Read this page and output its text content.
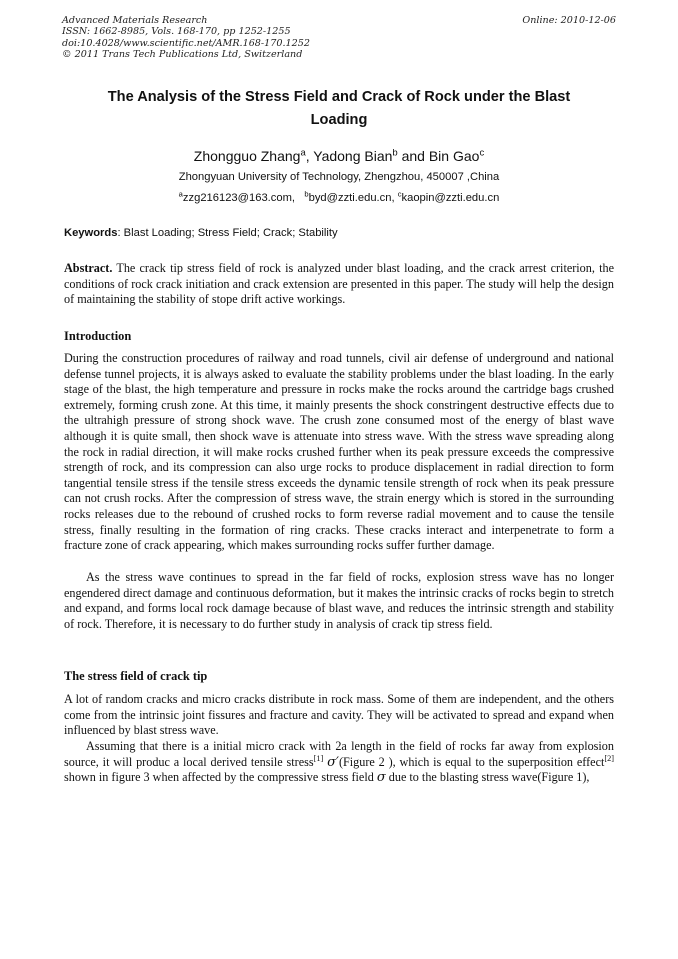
Advanced Materials Research
ISSN: 1662-8985, Vols. 168-170, pp 1252-1255
doi:10.4028/www.scientific.net/AMR.168-170.1252
© 2011 Trans Tech Publications Ltd, Switzerland
Online: 2010-12-06
The Analysis of the Stress Field and Crack of Rock under the Blast
Loading
Zhongguo Zhang$^a$, Yadong Bian$^b$ and Bin Gao$^c$
Zhongyuan University of Technology, Zhengzhou, 450007 ,China
$^a$zzg216123@163.com, $^b$byd@zzti.edu.cn, $^c$kaopin@zzti.edu.cn
Keywords: Blast Loading; Stress Field; Crack; Stability

Abstract. The crack tip stress field of rock is analyzed under blast loading, and the crack arrest criterion, the conditions of rock crack initiation and crack extension are presented in this paper. The study will help the design of maintaining the stability of stope drift active workings.

Introduction

During the construction procedures of railway and road tunnels, civil air defense of underground and national defense tunnel projects, it is always asked to evaluate the stability problems under the blast loading. In the early stage of the blast, the high temperature and pressure in rocks make the rocks around the cartridge bags crushed extremely, forming crush zone. At this time, it mainly presents the shock constringent destructive effects due to the ultrahigh pressure of strong shock wave. The crush zone consumed most of the energy of blast wave although it is quite small, then shock wave is attenuate into stress wave. With the stress wave spreading along the rock in radial direction, it will make rocks crushed further when its peak pressure exceeds the compressive strength of rock, and its compression can also urge rocks to produce displacement in radial direction to form tangential tensile stress if the tensile stress exceeds the dynamic tensile strength of rock when its peak pressure can not crush rocks. After the compression of stress wave, the strain energy which is stored in the surrounding rocks releases due to the rebound of crushed rocks to form reverse radial movement and to cause the tensile stress, finally resulting in the formation of ring cracks. These cracks interact and interpenetrate to form a fracture zone of crack appearing, which makes surrounding rocks suffer further damage.

As the stress wave continues to spread in the far field of rocks, explosion stress wave has no longer engendered direct damage and continuous deformation, but it makes the intrinsic cracks of rocks begin to stretch and expand, and forms local rock damage because of blast wave, and reduces the intrinsic strength and stability of rock. Therefore, it is necessary to do further study in analysis of crack tip stress field.

The stress field of crack tip

A lot of random cracks and micro cracks distribute in rock mass. Some of them are independent, and the others come from the intrinsic joint fissures and fracture and cavity. They will be activated to spread and expand when influenced by blast stress wave.

Assuming that there is a initial micro crack with 2a length in the field of rocks far away from explosion source, it will produc a local derived tensile stress[1] σ′(Figure 2 ), which is equal to the superposition effect[2] shown in figure 3 when affected by the compressive stress field σ due to the blasting stress wave(Figure 1),
